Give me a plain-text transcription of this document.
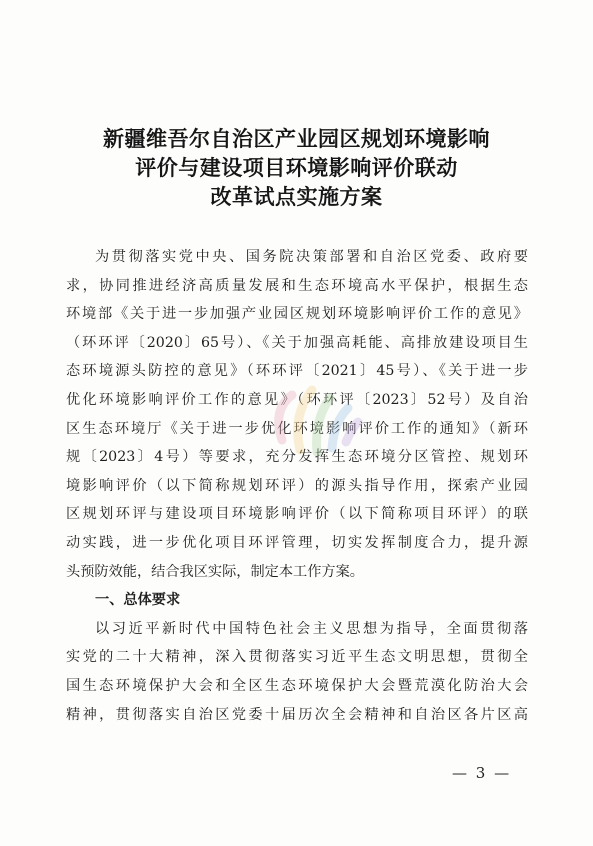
新疆维吾尔自治区产业园区规划环境影响
评价与建设项目环境影响评价联动
改革试点实施方案
为贯彻落实党中央、国务院决策部署和自治区党委、政府要
求，协同推进经济高质量发展和生态环境高水平保护，根据生态
环境部《关于进一步加强产业园区规划环境影响评价工作的意见》
（环环评〔2020〕65号）、《关于加强高耗能、高排放建设项目生
态环境源头防控的意见》（环环评〔2021〕45号）、《关于进一步
优化环境影响评价工作的意见》（环环评〔2023〕52号）及自治
区生态环境厅《关于进一步优化环境影响评价工作的通知》（新环
规〔2023〕4号）等要求，充分发挥生态环境分区管控、规划环
境影响评价（以下简称规划环评）的源头指导作用，探索产业园
区规划环评与建设项目环境影响评价（以下简称项目环评）的联
动实践，进一步优化项目环评管理，切实发挥制度合力，提升源
头预防效能，结合我区实际，制定本工作方案。
一、总体要求
以习近平新时代中国特色社会主义思想为指导，全面贯彻落
实党的二十大精神，深入贯彻落实习近平生态文明思想，贯彻全
国生态环境保护大会和全区生态环境保护大会暨荒漠化防治大会
精神，贯彻落实自治区党委十届历次全会精神和自治区各片区高
— 3 —
